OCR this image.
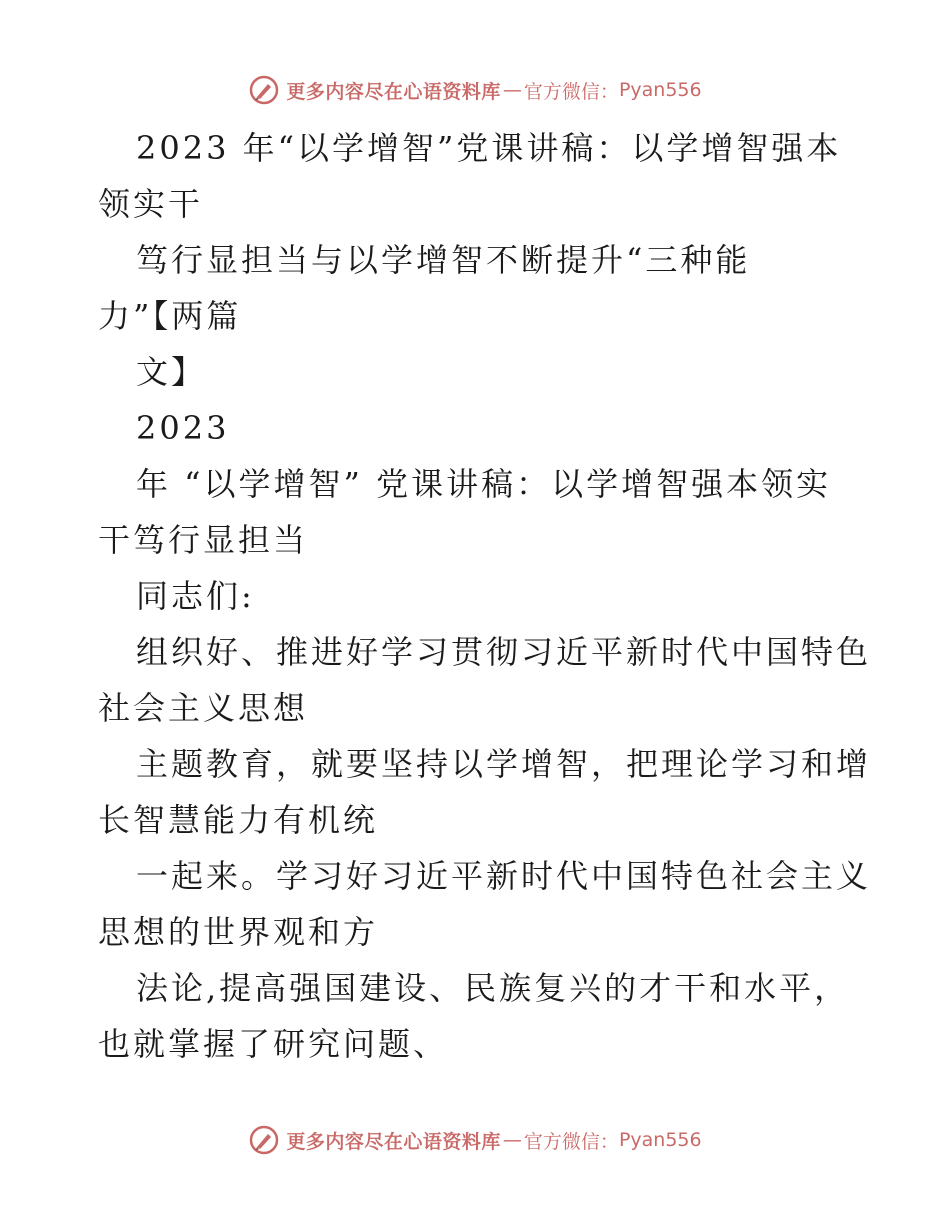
更多内容尽在心语资料库 — 官方微信： Pyan556
2023 年“以学增智”党课讲稿：以学增智强本
领实干
笃行显担当与以学增智不断提升“三种能
力”【两篇
文】
2023
年 “以学增智” 党课讲稿：以学增智强本领实
干笃行显担当
同志们:
组织好、推进好学习贯彻习近平新时代中国特色
社会主义思想
主题教育，就要坚持以学增智，把理论学习和增
长智慧能力有机统
一起来。学习好习近平新时代中国特色社会主义
思想的世界观和方
法论,提高强国建设、民族复兴的才干和水平，
也就掌握了研究问题、
更多内容尽在心语资料库 — 官方微信： Pyan556
